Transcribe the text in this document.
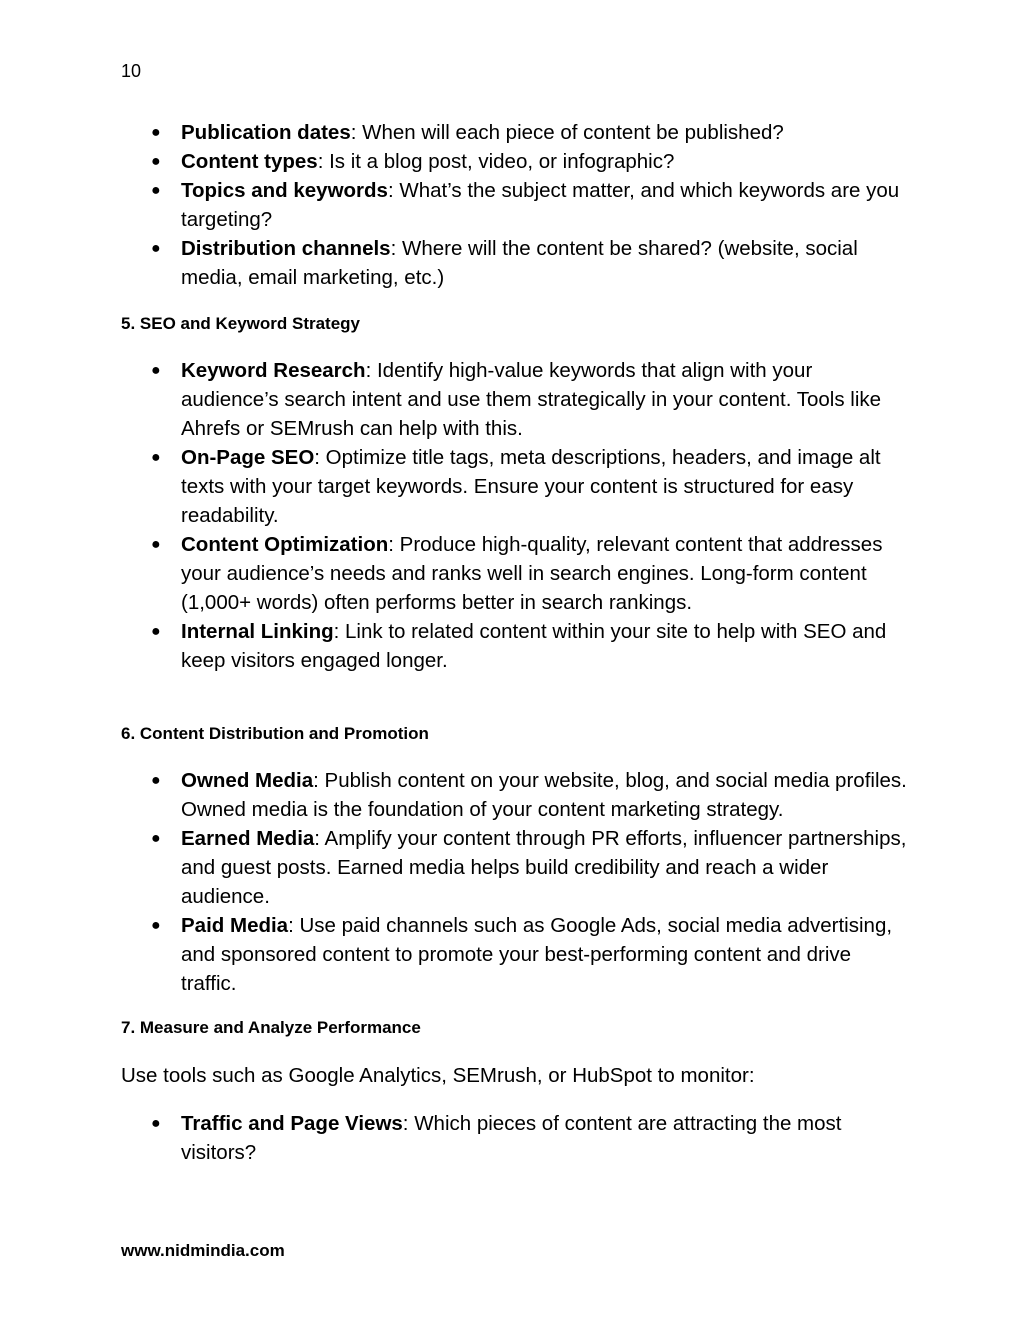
10
● Publication dates: When will each piece of content be published?
● Content types: Is it a blog post, video, or infographic?
● Topics and keywords: What’s the subject matter, and which keywords are you targeting?
● Distribution channels: Where will the content be shared? (website, social media, email marketing, etc.)
5. SEO and Keyword Strategy
● Keyword Research: Identify high-value keywords that align with your audience’s search intent and use them strategically in your content. Tools like Ahrefs or SEMrush can help with this.
● On-Page SEO: Optimize title tags, meta descriptions, headers, and image alt texts with your target keywords. Ensure your content is structured for easy readability.
● Content Optimization: Produce high-quality, relevant content that addresses your audience’s needs and ranks well in search engines. Long-form content (1,000+ words) often performs better in search rankings.
● Internal Linking: Link to related content within your site to help with SEO and keep visitors engaged longer.
6. Content Distribution and Promotion
● Owned Media: Publish content on your website, blog, and social media profiles. Owned media is the foundation of your content marketing strategy.
● Earned Media: Amplify your content through PR efforts, influencer partnerships, and guest posts. Earned media helps build credibility and reach a wider audience.
● Paid Media: Use paid channels such as Google Ads, social media advertising, and sponsored content to promote your best-performing content and drive traffic.
7. Measure and Analyze Performance

Use tools such as Google Analytics, SEMrush, or HubSpot to monitor:

● Traffic and Page Views: Which pieces of content are attracting the most visitors?
www.nidmindia.com
